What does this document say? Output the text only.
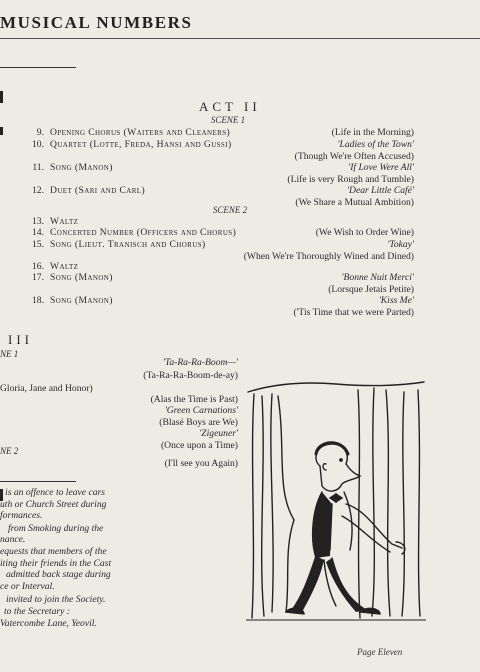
MUSICAL NUMBERS
ACT II
SCENE 1
9. Opening Chorus (Waiters and Cleaners)	(Life in the Morning)
10. Quartet (Lotte, Freda, Hansi and Gussi)	'Ladies of the Town'
(Though We're Often Accused)
11. Song (Manon)	'If Love Were All'
(Life is very Rough and Tumble)
12. Duet (Sari and Carl)	'Dear Little Café'
(We Share a Mutual Ambition)
13. Waltz
14. Concerted Number (Officers and Chorus)	(We Wish to Order Wine)
15. Song (Lieut. Tranisch and Chorus)	'Tokay'
(When We're Thoroughly Wined and Dined)
16. Waltz
17. Song (Manon)	'Bonne Nuit Merci'
(Lorsque Jetais Petite)
18. Song (Manon)	'Kiss Me'
('Tis Time that we were Parted)
SCENE 2
III
NE 1
Gloria, Jane and Honor)
NE 2
'Ta-Ra-Ra-Boom—'
(Ta-Ra-Ra-Boom-de-ay)
(Alas the Time is Past)
'Green Carnations'
(Blasé Boys are We)
'Zigeuner'
(Once upon a Time)
(I'll see you Again)
t is an offence to leave cars
uth or Church Street during
formances.
from Smoking during the
nance.
equests that members of the
iting their friends in the Cast
admitted back stage during
ce or Interval.
invited to join the Society.
to the Secretary :
Vatercombe Lane, Yeovil.
Page Eleven
